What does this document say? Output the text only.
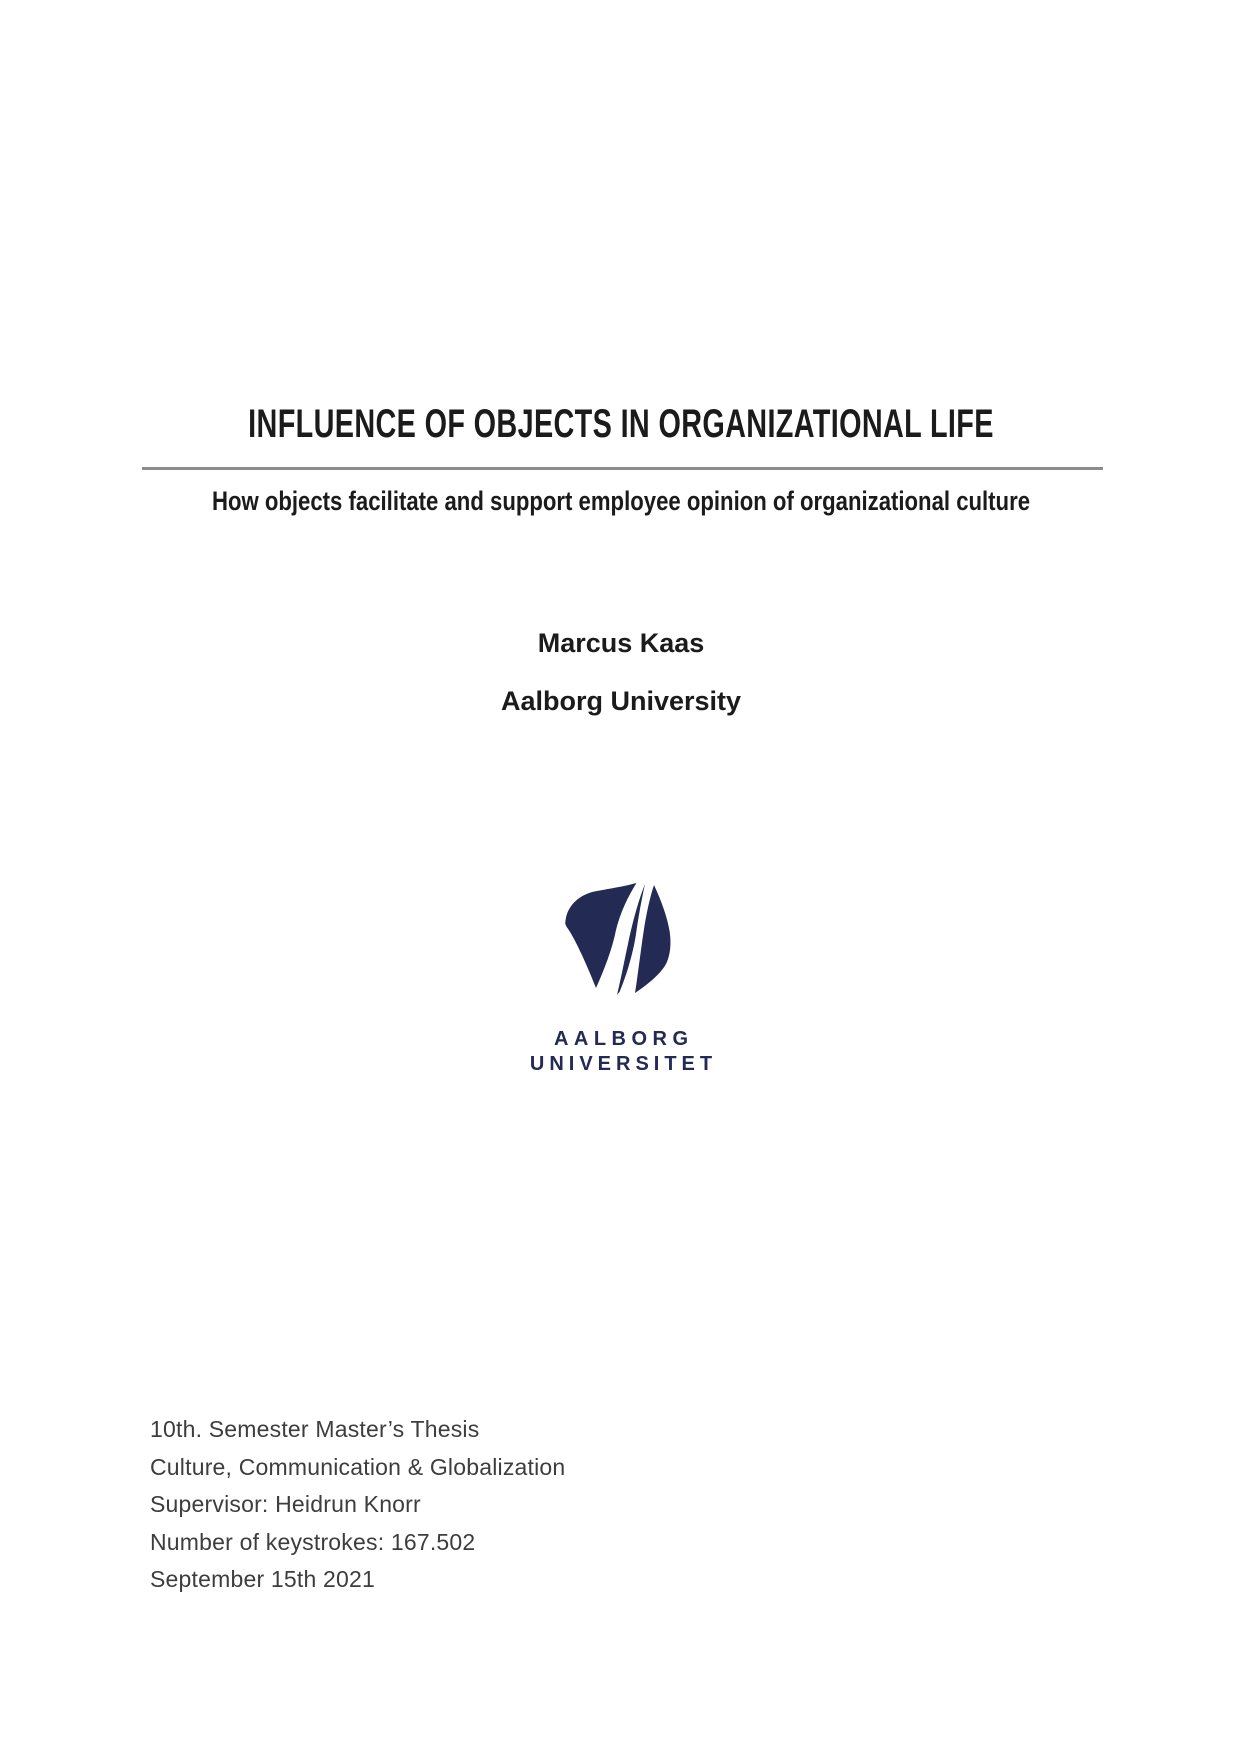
INFLUENCE OF OBJECTS IN ORGANIZATIONAL LIFE
How objects facilitate and support employee opinion of organizational culture
Marcus Kaas
Aalborg University
AALBORG
UNIVERSITET
10th. Semester Master’s Thesis
Culture, Communication & Globalization
Supervisor: Heidrun Knorr
Number of keystrokes: 167.502
September 15th 2021
